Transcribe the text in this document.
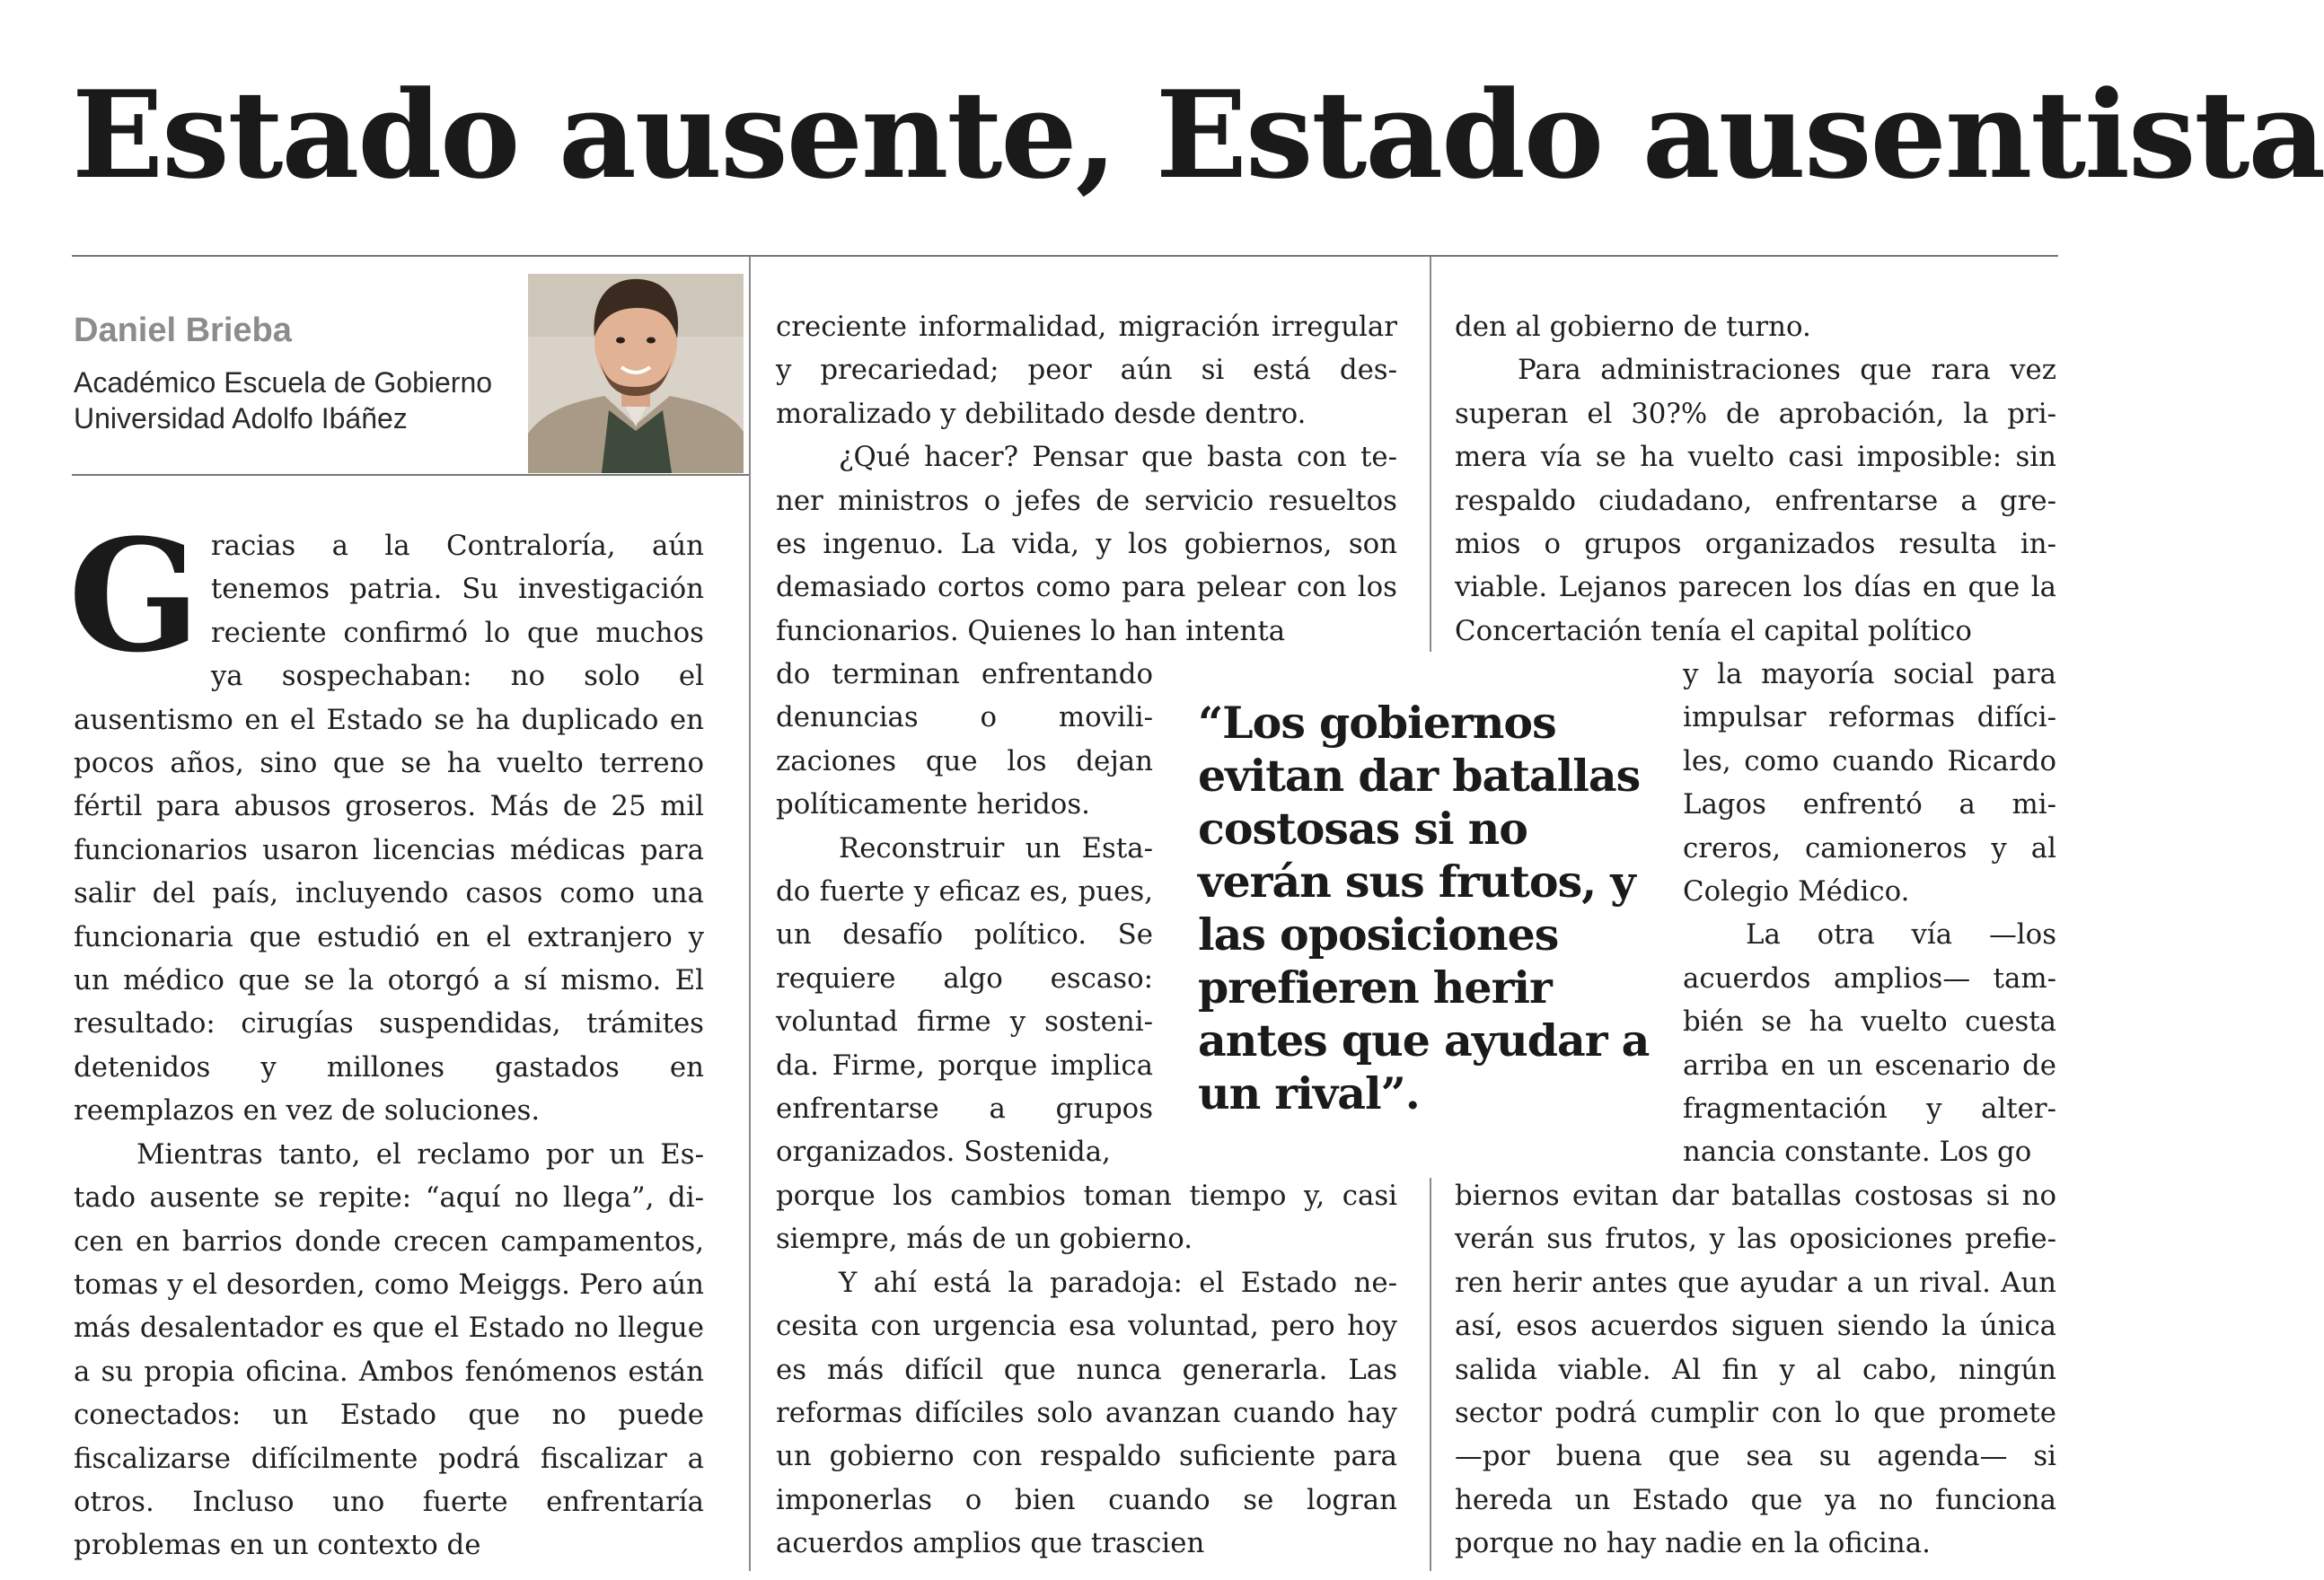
Estado ausente, Estado ausentista
Daniel Brieba
Académico Escuela de Gobierno
Universidad Adolfo Ibáñez

Gracias a la Contraloría, aún tenemos patria. Su investigación reciente confirmó lo que muchos ya sospechaban: no solo el ausentismo en el Estado se ha duplicado en pocos años, sino que se ha vuelto terreno fértil para abusos groseros. Más de 25 mil funcionarios usaron licencias médicas para salir del país, incluyendo casos como una funcionaria que estudió en el extranjero y un médico que se la otorgó a sí mismo. El resultado: cirugías suspendidas, trámites detenidos y millones gastados en reemplazos en vez de soluciones.

Mientras tanto, el reclamo por un Estado ausente se repite: “aquí no llega”, dicen en barrios donde crecen campamentos, tomas y el desorden, como Meiggs. Pero aún más desalentador es que el Estado no llegue a su propia oficina. Ambos fenómenos están conectados: un Estado que no puede fiscalizarse difícilmente podrá fiscalizar a otros. Incluso uno fuerte enfrentaría problemas en un contexto de

creciente informalidad, migración irregular y precariedad; peor aún si está desmoralizado y debilitado desde dentro.

¿Qué hacer? Pensar que basta con tener ministros o jefes de servicio resueltos es ingenuo. La vida, y los gobiernos, son demasiado cortos como para pelear con los funcionarios. Quienes lo han intenta

do terminan enfrentando denuncias o movilizaciones que los dejan políticamente heridos.

Reconstruir un Estado fuerte y eficaz es, pues, un desafío político. Se requiere algo escaso: voluntad firme y sostenida. Firme, porque implica enfrentarse a grupos organizados. Sostenida,

porque los cambios toman tiempo y, casi siempre, más de un gobierno.

Y ahí está la paradoja: el Estado necesita con urgencia esa voluntad, pero hoy es más difícil que nunca generarla. Las reformas difíciles solo avanzan cuando hay un gobierno con respaldo suficiente para imponerlas o bien cuando se logran acuerdos amplios que trascien

den al gobierno de turno.

Para administraciones que rara vez superan el 30?% de aprobación, la primera vía se ha vuelto casi imposible: sin respaldo ciudadano, enfrentarse a gremios o grupos organizados resulta inviable. Lejanos parecen los días en que la Concertación tenía el capital político

y la mayoría social para impulsar reformas difíciles, como cuando Ricardo Lagos enfrentó a micreros, camioneros y al Colegio Médico.

La otra vía —los acuerdos amplios— también se ha vuelto cuesta arriba en un escenario de fragmentación y alternancia constante. Los go

biernos evitan dar batallas costosas si no verán sus frutos, y las oposiciones prefieren herir antes que ayudar a un rival. Aun así, esos acuerdos siguen siendo la única salida viable. Al fin y al cabo, ningún sector podrá cumplir con lo que promete —por buena que sea su agenda— si hereda un Estado que ya no funciona porque no hay nadie en la oficina.

“Los gobiernos evitan dar batallas costosas si no verán sus frutos, y las oposiciones prefieren herir antes que ayudar a un rival”.
